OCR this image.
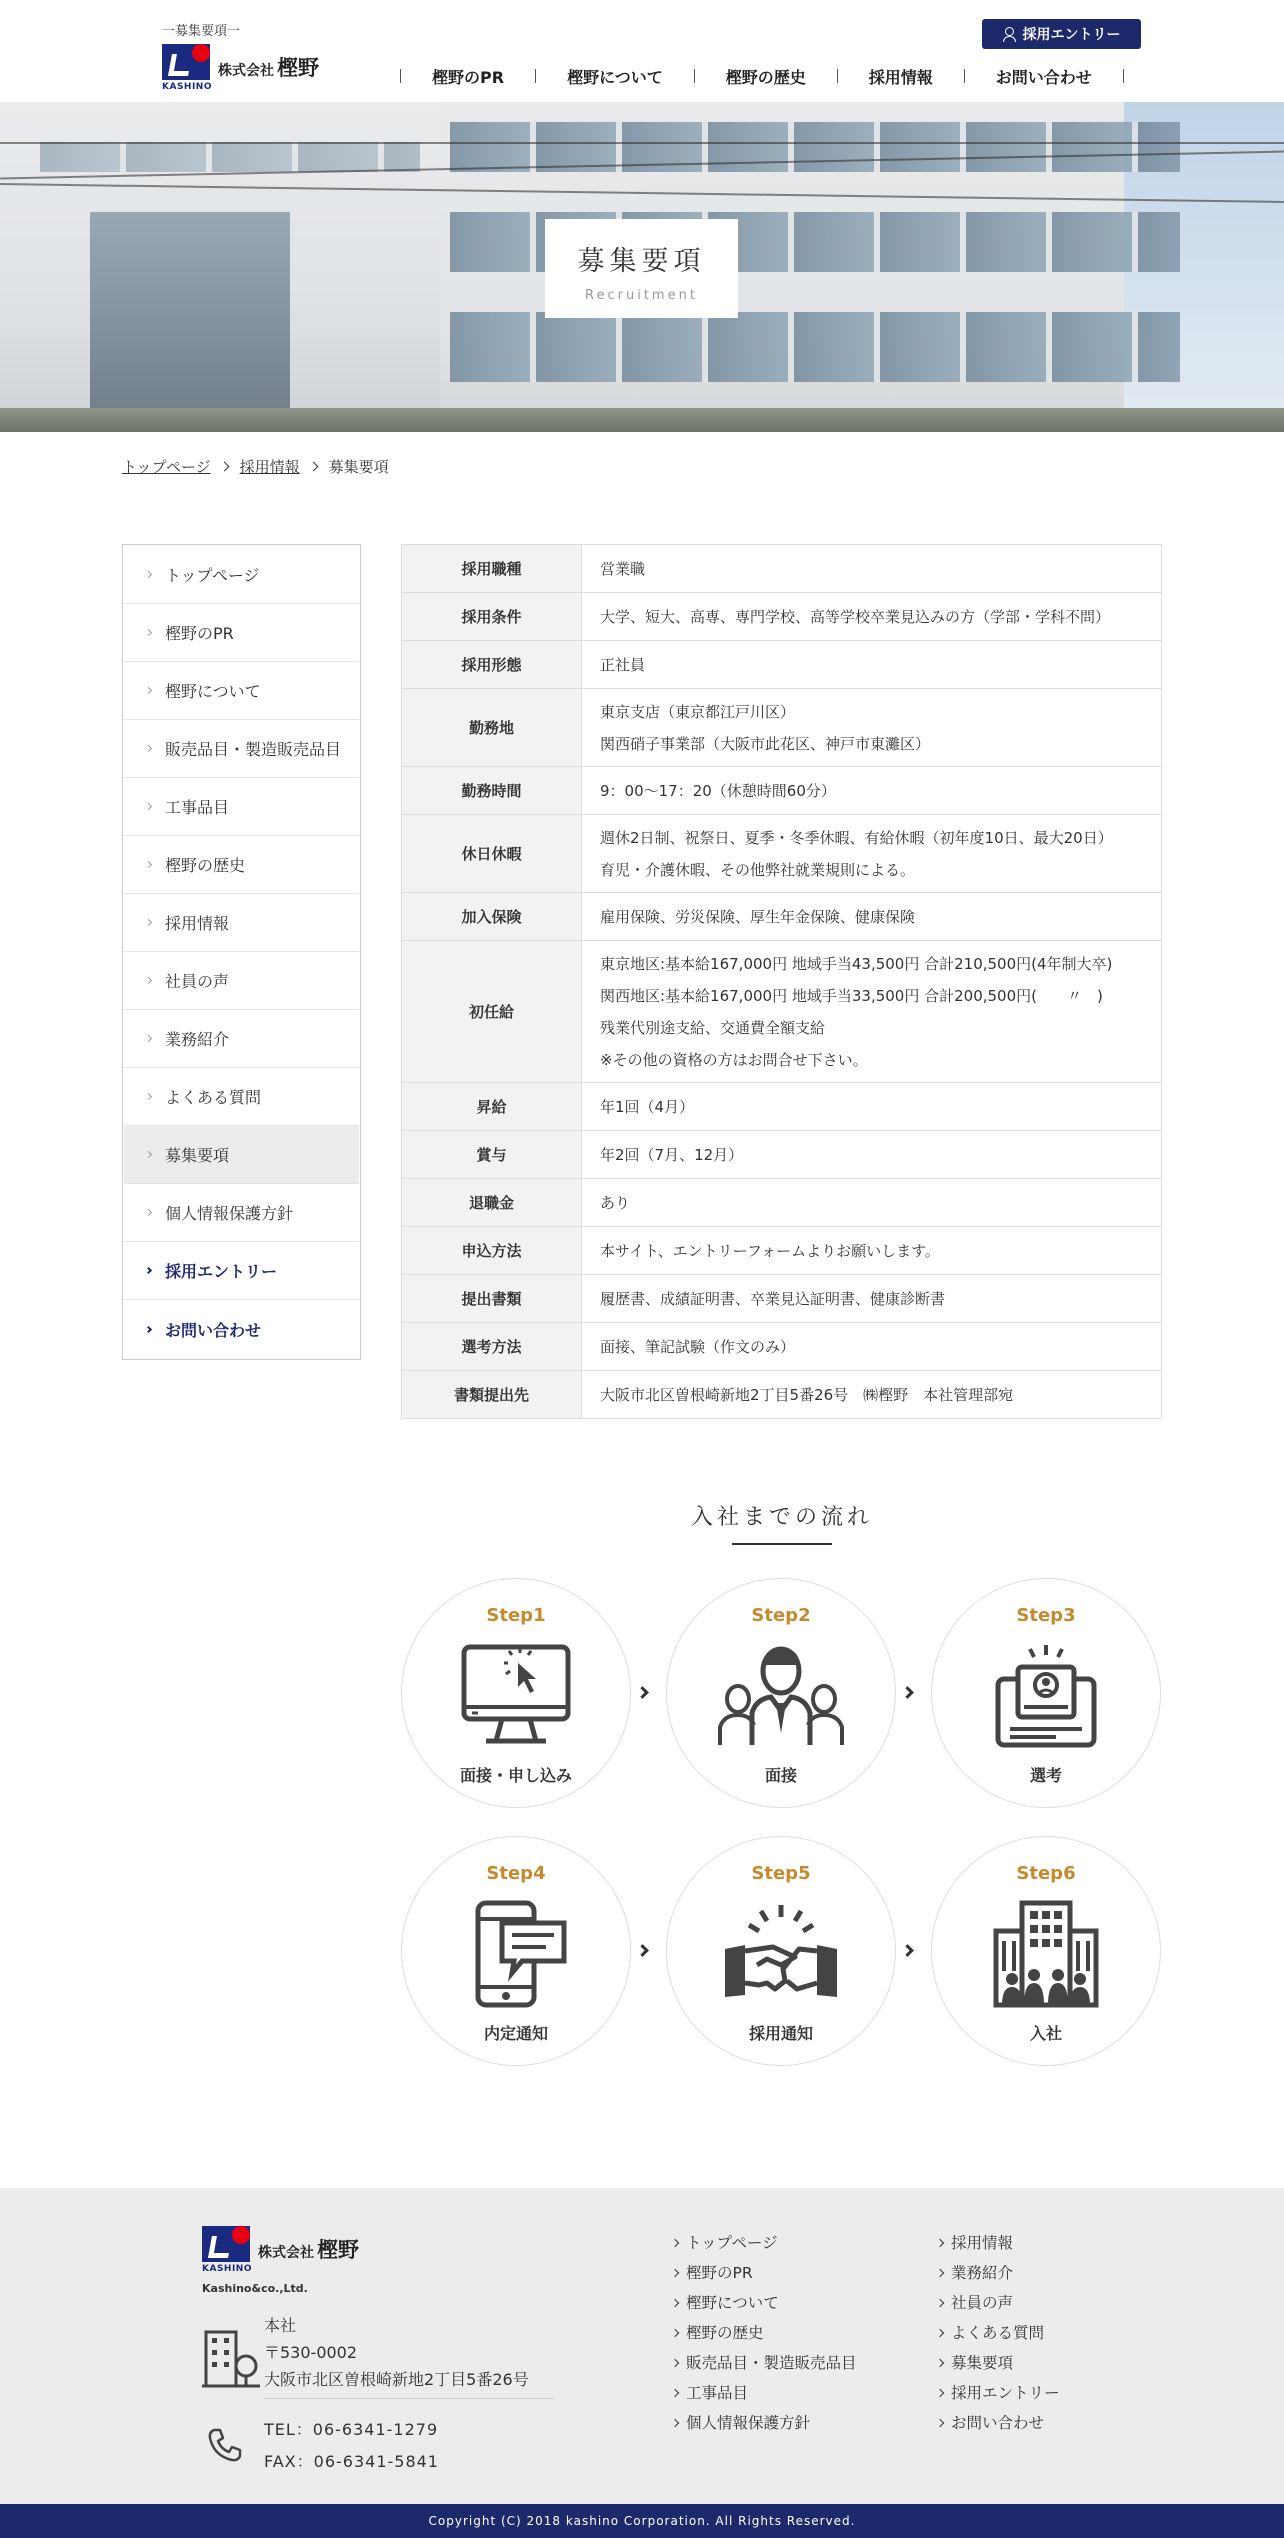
一募集要項一
KASHINO
株式会社 樫野
採用エントリー
樫野のPR	樫野について	樫野の歴史	採用情報	お問い合わせ
募集要項
Recruitment
トップページ 採用情報 募集要項
トップページ
樫野のPR
樫野について
販売品目・製造販売品目
工事品目
樫野の歴史
採用情報
社員の声
業務紹介
よくある質問
募集要項
個人情報保護方針
採用エントリー
お問い合わせ
採用職種	営業職

採用条件	大学、短大、高専、専門学校、高等学校卒業見込みの方（学部・学科不問）

採用形態	正社員

勤務地	東京支店（東京都江戸川区）
関西硝子事業部（大阪市此花区、神戸市東灘区）

勤務時間	9：00～17：20（休憩時間60分）

休日休暇	週休2日制、祝祭日、夏季・冬季休暇、有給休暇（初年度10日、最大20日）
育児・介護休暇、その他弊社就業規則による。

加入保険	雇用保険、労災保険、厚生年金保険、健康保険

初任給	東京地区:基本給167,000円 地域手当43,500円 合計210,500円(4年制大卒)
関西地区:基本給167,000円 地域手当33,500円 合計200,500円(　　〃　)
残業代別途支給、交通費全額支給
※その他の資格の方はお問合せ下さい。

昇給	年1回（4月）

賞与	年2回（7月、12月）

退職金	あり

申込方法	本サイト、エントリーフォームよりお願いします。

提出書類	履歴書、成績証明書、卒業見込証明書、健康診断書

選考方法	面接、筆記試験（作文のみ）

書類提出先	大阪市北区曽根崎新地2丁目5番26号　㈱樫野　本社管理部宛
入社までの流れ
Step1
面接・申し込み
Step2
面接
Step3
選考
Step4
内定通知
Step5
採用通知
Step6
入社
KASHINO
株式会社 樫野
Kashino&co.,Ltd.
本社
〒530-0002
大阪市北区曽根崎新地2丁目5番26号
TEL：06-6341-1279
FAX：06-6341-5841
トップページ
樫野のPR
樫野について
樫野の歴史
販売品目・製造販売品目
工事品目
個人情報保護方針
採用情報
業務紹介
社員の声
よくある質問
募集要項
採用エントリー
お問い合わせ
Copyright (C) 2018 kashino Corporation. All Rights Reserved.
